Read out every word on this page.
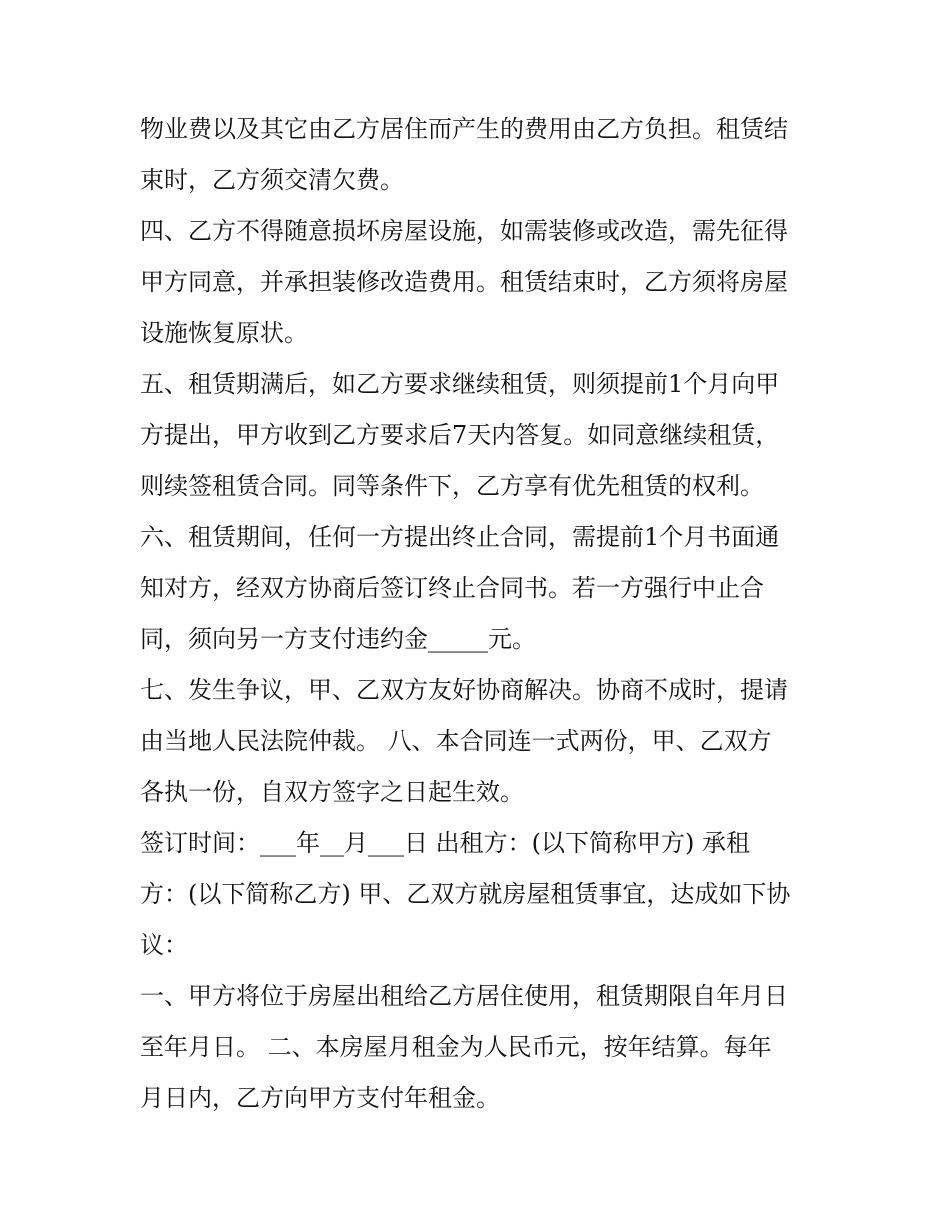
物业费以及其它由乙方居住而产生的费用由乙方负担。租赁结
束时，乙方须交清欠费。
四、乙方不得随意损坏房屋设施，如需装修或改造，需先征得
甲方同意，并承担装修改造费用。租赁结束时，乙方须将房屋
设施恢复原状。
五、租赁期满后，如乙方要求继续租赁，则须提前1个月向甲
方提出，甲方收到乙方要求后7天内答复。如同意继续租赁，
则续签租赁合同。同等条件下，乙方享有优先租赁的权利。
六、租赁期间，任何一方提出终止合同，需提前1个月书面通
知对方，经双方协商后签订终止合同书。若一方强行中止合
同，须向另一方支付违约金_____元。
七、发生争议，甲、乙双方友好协商解决。协商不成时，提请
由当地人民法院仲裁。 八、本合同连一式两份，甲、乙双方
各执一份，自双方签字之日起生效。
签订时间：___年__月___日 出租方：(以下简称甲方) 承租
方：(以下简称乙方) 甲、乙双方就房屋租赁事宜，达成如下协
议：
一、甲方将位于房屋出租给乙方居住使用，租赁期限自年月日
至年月日。 二、本房屋月租金为人民币元，按年结算。每年
月日内，乙方向甲方支付年租金。
